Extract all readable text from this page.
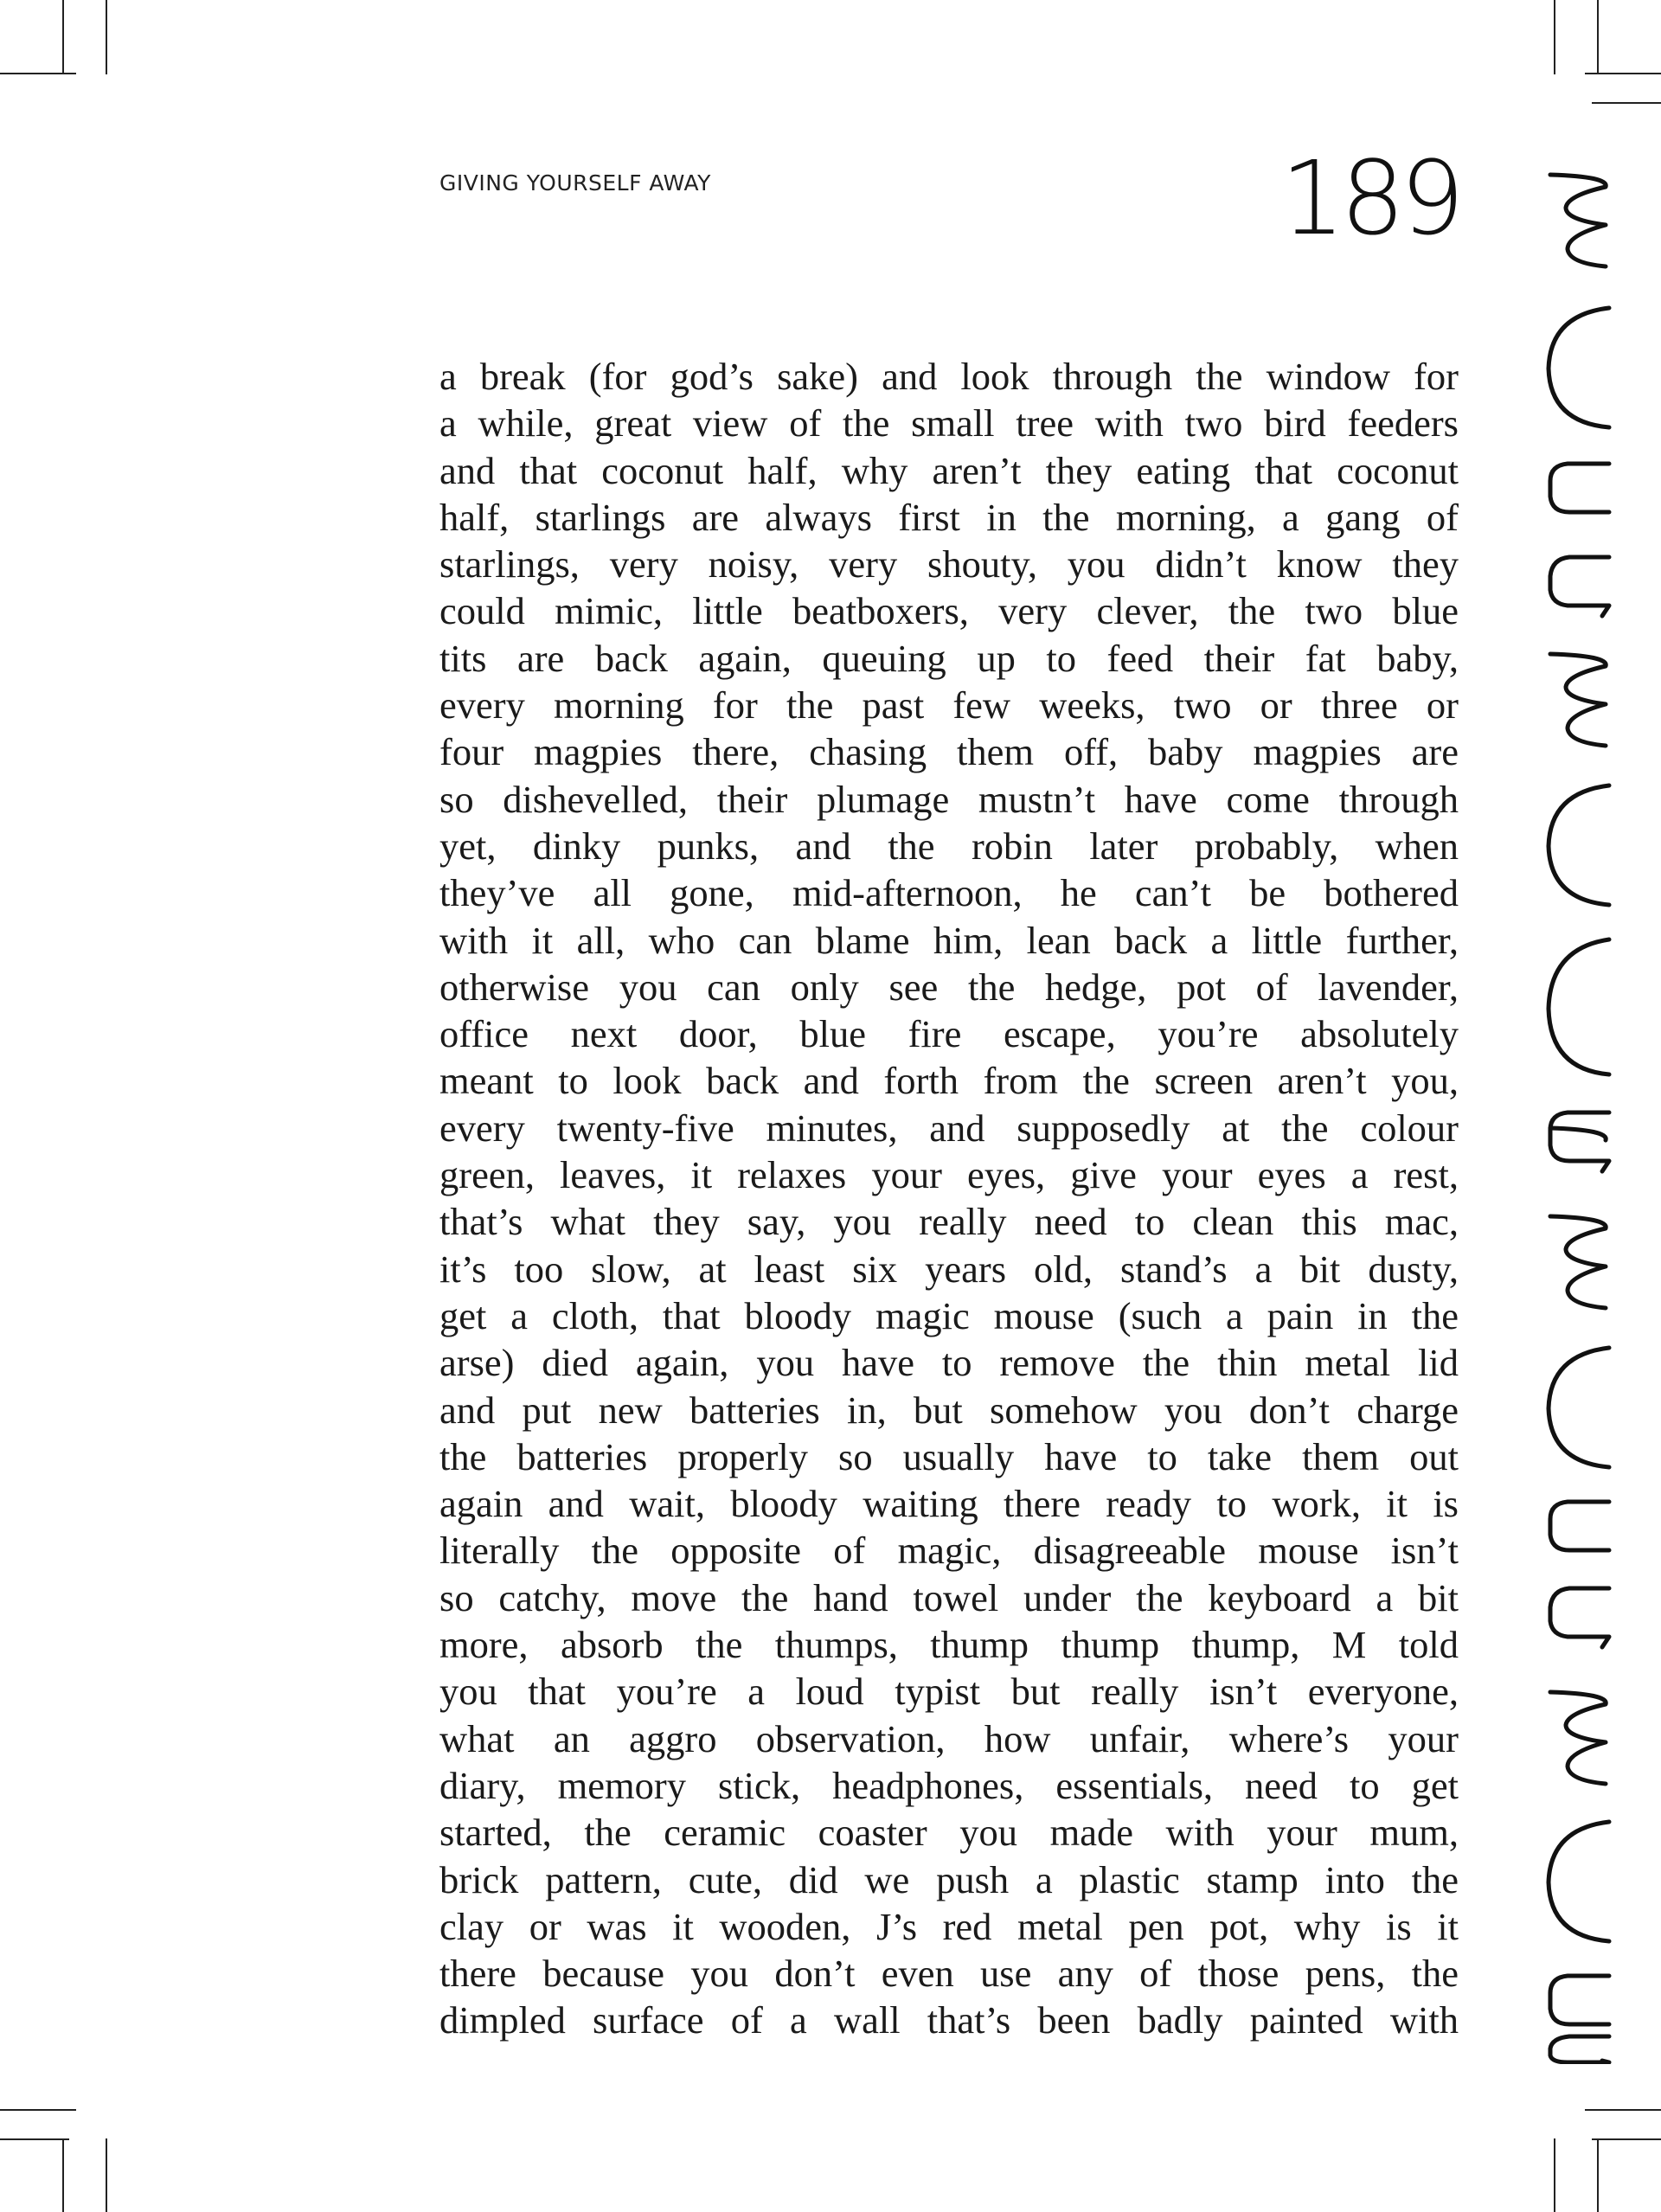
GIVING YOURSELF AWAY	189
a break (for god’s sake) and look through the window for
a while, great view of the small tree with two bird feeders
and that coconut half, why aren’t they eating that coconut
half, starlings are always first in the morning, a gang of
starlings, very noisy, very shouty, you didn’t know they
could mimic, little beatboxers, very clever, the two blue
tits are back again, queuing up to feed their fat baby,
every morning for the past few weeks, two or three or
four magpies there, chasing them off, baby magpies are
so dishevelled, their plumage mustn’t have come through
yet, dinky punks, and the robin later probably, when
they’ve all gone, mid-afternoon, he can’t be bothered
with it all, who can blame him, lean back a little further,
otherwise you can only see the hedge, pot of lavender,
office next door, blue fire escape, you’re absolutely
meant to look back and forth from the screen aren’t you,
every twenty-five minutes, and supposedly at the colour
green, leaves, it relaxes your eyes, give your eyes a rest,
that’s what they say, you really need to clean this mac,
it’s too slow, at least six years old, stand’s a bit dusty,
get a cloth, that bloody magic mouse (such a pain in the
arse) died again, you have to remove the thin metal lid
and put new batteries in, but somehow you don’t charge
the batteries properly so usually have to take them out
again and wait, bloody waiting there ready to work, it is
literally the opposite of magic, disagreeable mouse isn’t
so catchy, move the hand towel under the keyboard a bit
more, absorb the thumps, thump thump thump, M told
you that you’re a loud typist but really isn’t everyone,
what an aggro observation, how unfair, where’s your
diary, memory stick, headphones, essentials, need to get
started, the ceramic coaster you made with your mum,
brick pattern, cute, did we push a plastic stamp into the
clay or was it wooden, J’s red metal pen pot, why is it
there because you don’t even use any of those pens, the
dimpled surface of a wall that’s been badly painted with
